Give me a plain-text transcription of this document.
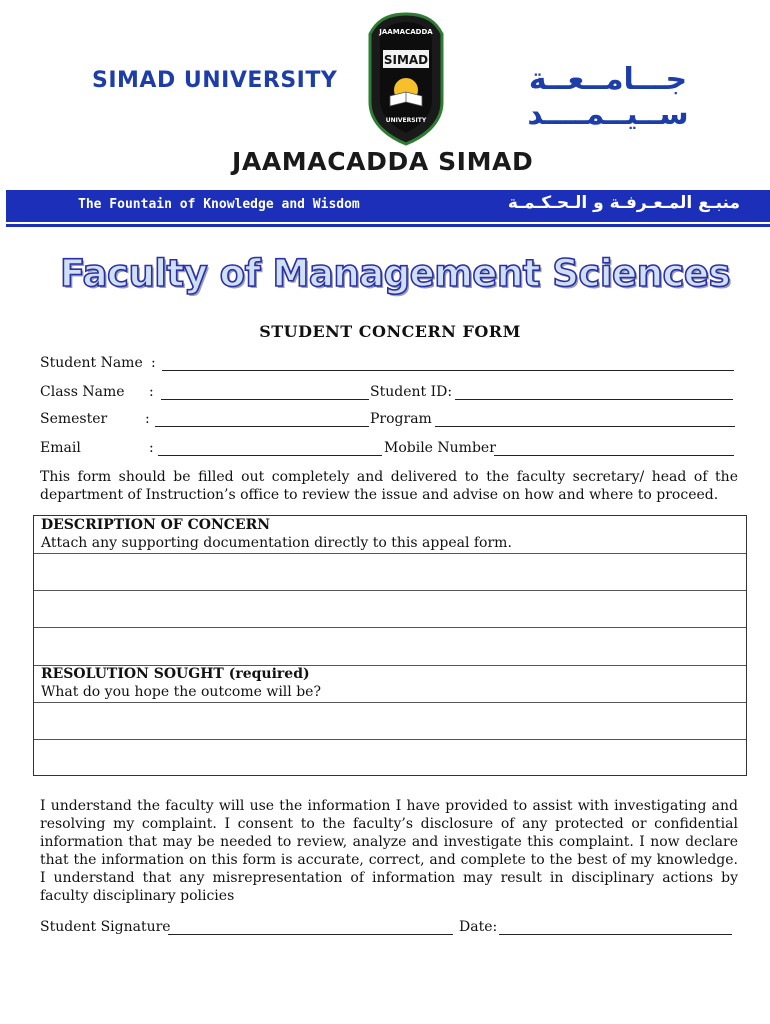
SIMAD UNIVERSITY
SIMAD
JAAMACADDA
UNIVERSITY
جـــامــعــة ســيــمــــد
JAAMACADDA SIMAD
The Fountain of Knowledge and Wisdom	منبـع المـعـرفـة و الـحـكـمـة
Faculty of Management Sciences
STUDENT CONCERN FORM
Student Name :
Class Name :	Student ID:
Semester	:	Program
Email	:	Mobile Number
This form should be filled out completely and delivered to the faculty secretary/ head of the department of Instruction’s office to review the issue and advise on how and where to proceed.
DESCRIPTION OF CONCERN
Attach any supporting documentation directly to this appeal form.
RESOLUTION SOUGHT (required)
What do you hope the outcome will be?
I understand the faculty will use the information I have provided to assist with investigating and resolving my complaint. I consent to the faculty’s disclosure of any protected or confidential information that may be needed to review, analyze and investigate this complaint. I now declare that the information on this form is accurate, correct, and complete to the best of my knowledge. I understand that any misrepresentation of information may result in disciplinary actions by faculty disciplinary policies
Student Signature	Date:
